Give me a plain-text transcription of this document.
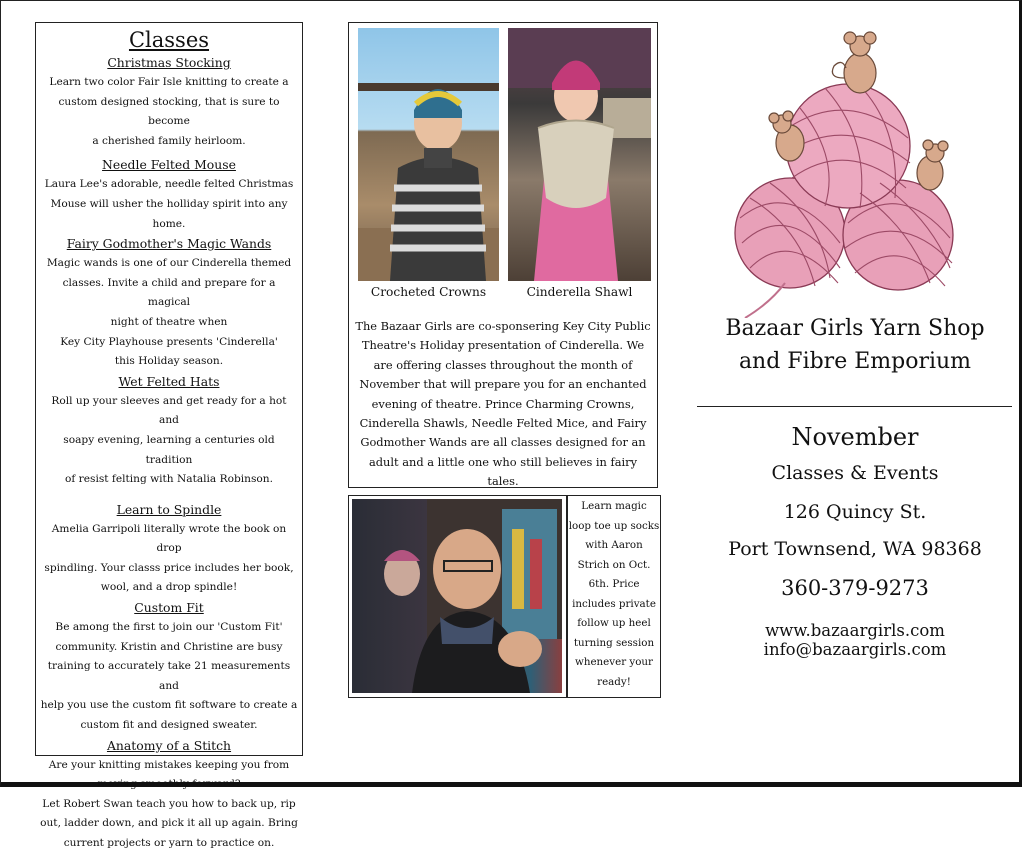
Classes
Christmas Stocking
Learn two color Fair Isle knitting to create a
custom designed stocking, that is sure to become
a cherished family heirloom.
Needle Felted Mouse
Laura Lee's adorable, needle felted Christmas
Mouse will usher the holliday spirit into any
home.
Fairy Godmother's Magic Wands
Magic wands is one of our Cinderella themed
classes. Invite a child and prepare for a magical
night of theatre when
Key City Playhouse presents 'Cinderella'
this Holiday season.
Wet Felted Hats
Roll up your sleeves and get ready for a hot and
soapy evening, learning a centuries old tradition
of resist felting with Natalia Robinson.
Learn to Spindle
Amelia Garripoli literally wrote the book on drop
spindling. Your classs price includes her book,
wool, and a drop spindle!
Custom Fit
Be among the first to join our 'Custom Fit'
community. Kristin and Christine are busy
training to accurately take 21 measurements and
help you use the custom fit software to create a
custom fit and designed sweater.
Anatomy of a Stitch
Are your knitting mistakes keeping you from
moving smoothly forward?
Let Robert Swan teach you how to back up, rip
out, ladder down, and pick it all up again. Bring
current projects or yarn to practice on.
Crocheted Crowns	Cinderella Shawl
The Bazaar Girls are co-sponsering Key City Public
Theatre's Holiday presentation of Cinderella. We
are offering classes throughout the month of
November that will prepare you for an enchanted
evening of theatre. Prince Charming Crowns,
Cinderella Shawls, Needle Felted Mice, and Fairy
Godmother Wands are all classes designed for an
adult and a little one who still believes in fairy tales.
Learn magic
loop toe up socks
with Aaron
Strich on Oct.
6th. Price
includes private
follow up heel
turning session
whenever your
ready!
Bazaar Girls Yarn Shop
and Fibre Emporium
November
Classes & Events
126 Quincy St.
Port Townsend, WA 98368
360-379-9273
www.bazaargirls.com
info@bazaargirls.com
